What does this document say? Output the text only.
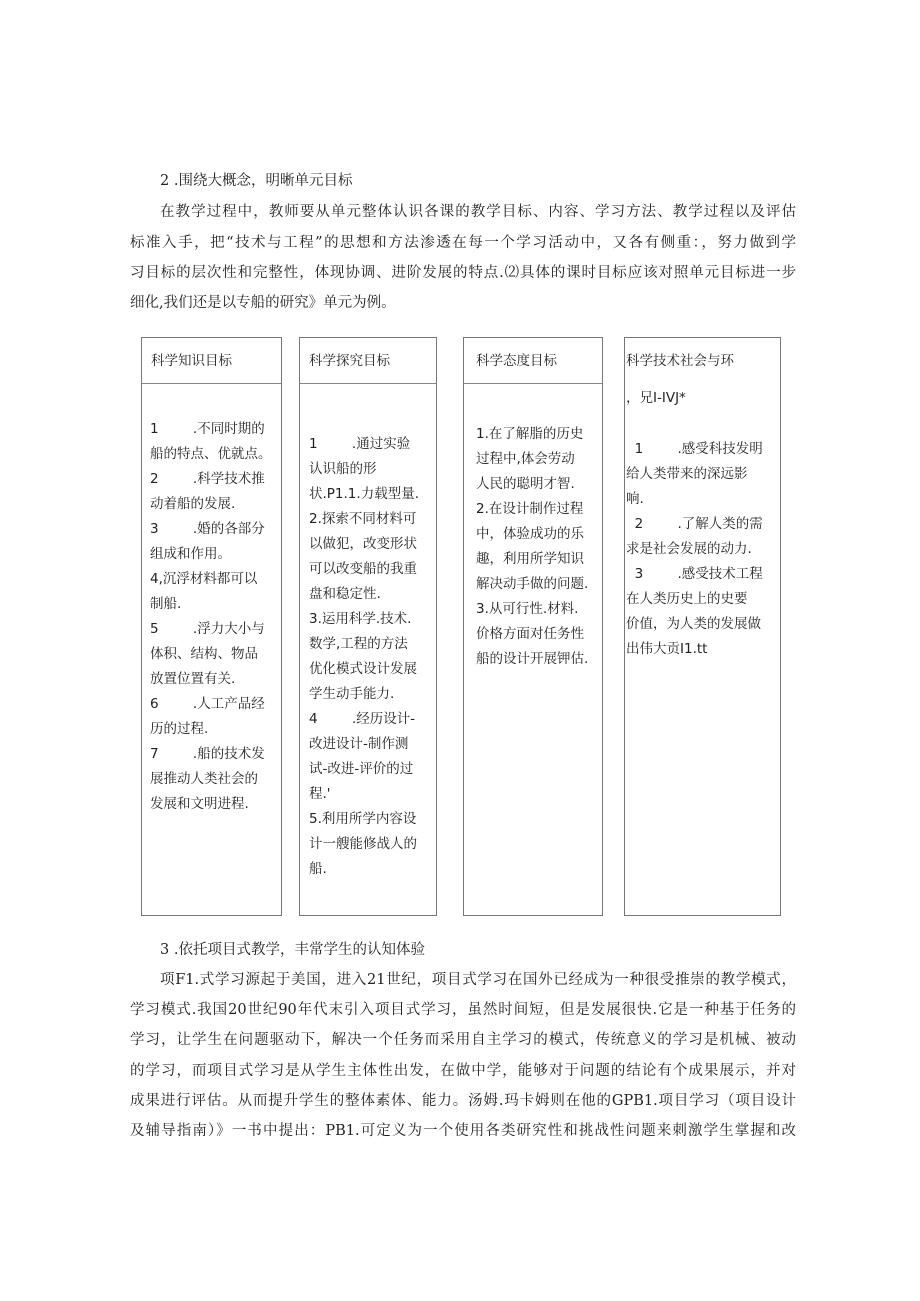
2 .围绕大概念，明晰单元目标
在教学过程中，教师要从单元整体认识各课的教学目标、内容、学习方法、教学过程以及评估
标准入手，把“技术与工程”的思想和方法渗透在每一个学习活动中，又各有侧重：，努力做到学
习目标的层次性和完整性，体现协调、进阶发展的特点.⑵具体的课时目标应该对照单元目标进一步
细化,我们还是以专船的研究》单元为例。
科学知识目标
1        .不同时期的
船的特点、优就点。
2        .科学技术推
动着船的发展.
3        .婚的各部分
组成和作用。
4,沉浮材料都可以
制船.
5        .浮力大小与
体积、结构、物品
放置位置有关.
6        .人工产品经
历的过程.
7        .船的技术发
展推动人类社会的
发展和文明进程.
科学探究目标
1        .通过实验
认识船的形
状.P1.1.力载型量.
2.探索不同材料可
以做犯，改变形状
可以改变船的我重
盘和稳定性.
3.运用科学.技术.
数学,工程的方法
优化模式设计发展
学生动手能力.
4        .经历设计-
改进设计-制作测
试-改进-评价的过
程.'
5.利用所学内容设
计一艘能修战人的
船.
科学态度目标
1.在了解脂的历史
过程中,体会劳动
人民的聪明才智.
2.在设计制作过程
中，体验成功的乐
趣，利用所学知识
解决动手做的问题.
3.从可行性.材料.
价格方面对任务性
船的设计开展钾估.
科学技术社会与环
，兄I-IVJ*
1        .感受科技发明
给人类带来的深远影
响.
2        .了解人类的需
求是社会发展的动力.
3        .感受技术工程
在人类历史上的史要
价值，为人类的发展做
出伟大贡I1.tt
3 .依托项目式教学，丰常学生的认知体验
项F1.式学习源起于美国，进入21世纪，项目式学习在国外已经成为一种很受推崇的教学模式，
学习模式.我国20世纪90年代末引入项目式学习，虽然时间短，但是发展很快.它是一种基于任务的
学习，让学生在问题驱动下，解决一个任务而采用自主学习的模式，传统意义的学习是机械、被动
的学习，而项目式学习是从学生主体性出发，在做中学，能够对于问题的结论有个成果展示，并对
成果进行评估。从而提升学生的整体素体、能力。汤姆.玛卡姆则在他的GPB1.项目学习（项目设计
及辅导指南）》一书中提出：PB1.可定义为一个使用各类研究性和挑战性问题来刺激学生掌握和改
